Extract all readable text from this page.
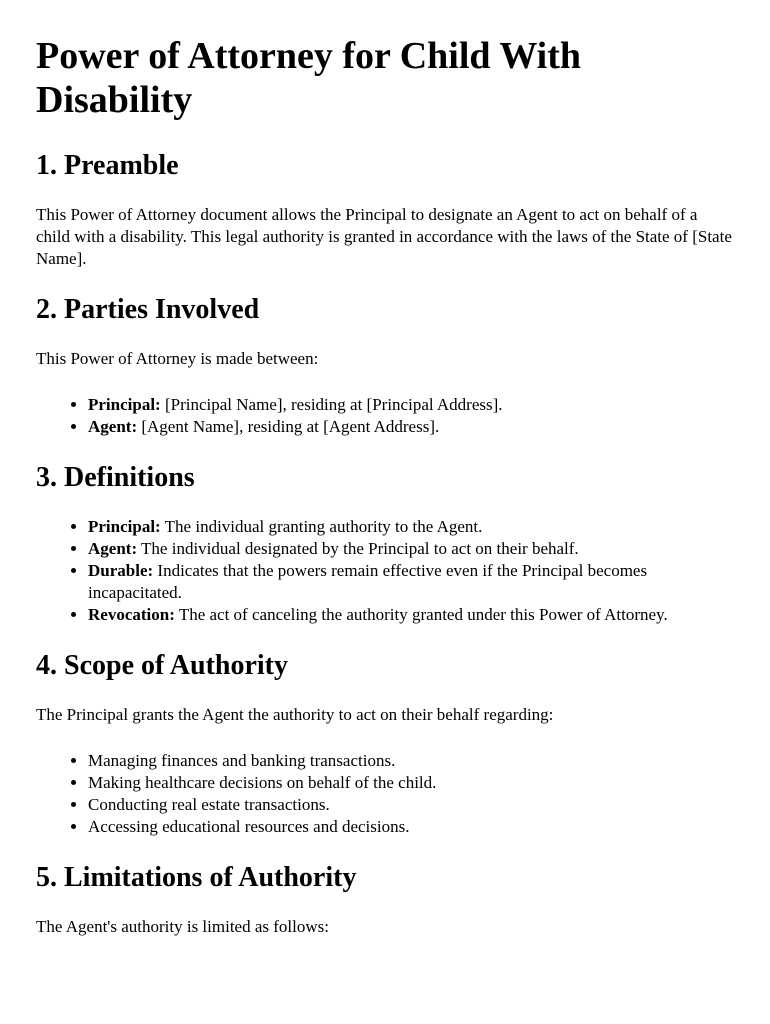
Power of Attorney for Child With Disability
1. Preamble

This Power of Attorney document allows the Principal to designate an Agent to act on behalf of a child with a disability. This legal authority is granted in accordance with the laws of the State of [State Name].

2. Parties Involved

This Power of Attorney is made between:

• Principal: [Principal Name], residing at [Principal Address].
• Agent: [Agent Name], residing at [Agent Address].
3. Definitions
• Principal: The individual granting authority to the Agent.
• Agent: The individual designated by the Principal to act on their behalf.
• Durable: Indicates that the powers remain effective even if the Principal becomes incapacitated.
• Revocation: The act of canceling the authority granted under this Power of Attorney.
4. Scope of Authority

The Principal grants the Agent the authority to act on their behalf regarding:

• Managing finances and banking transactions.
• Making healthcare decisions on behalf of the child.
• Conducting real estate transactions.
• Accessing educational resources and decisions.
5. Limitations of Authority

The Agent's authority is limited as follows:
